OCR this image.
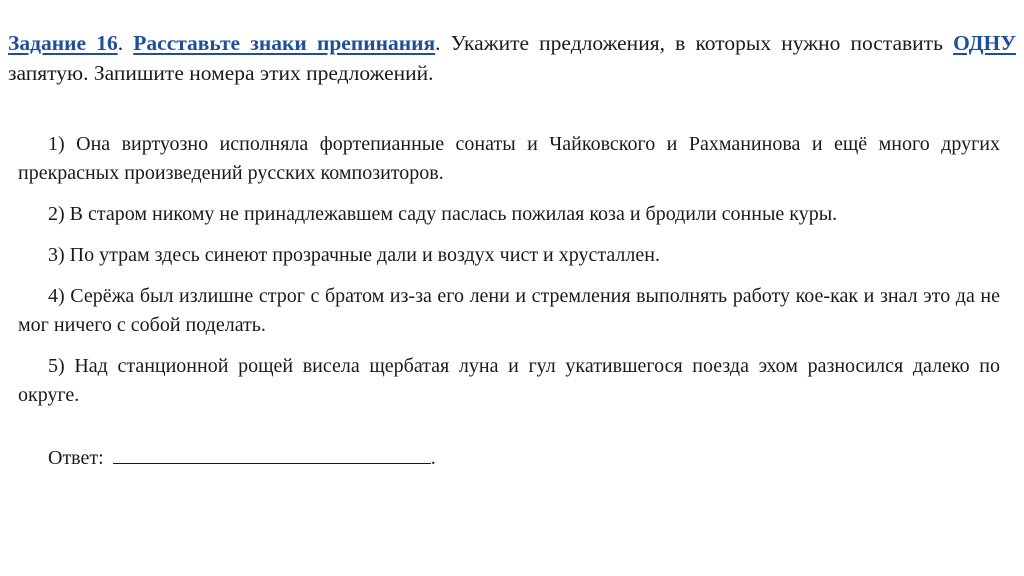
Задание 16. Расставьте знаки препинания. Укажите предложения, в которых нужно поставить ОДНУ запятую. Запишите номера этих предложений.

1) Она виртуозно исполняла фортепианные сонаты и Чайковского и Рахманинова и ещё много других прекрасных произведений русских композиторов.

2) В старом никому не принадлежавшем саду паслась пожилая коза и бродили сонные куры.

3) По утрам здесь синеют прозрачные дали и воздух чист и хрусталлен.

4) Серёжа был излишне строг с братом из-за его лени и стремления выполнять работу кое-как и знал это да не мог ничего с собой поделать.

5) Над станционной рощей висела щербатая луна и гул укатившегося поезда эхом разносился далеко по округе.

Ответ:	.
